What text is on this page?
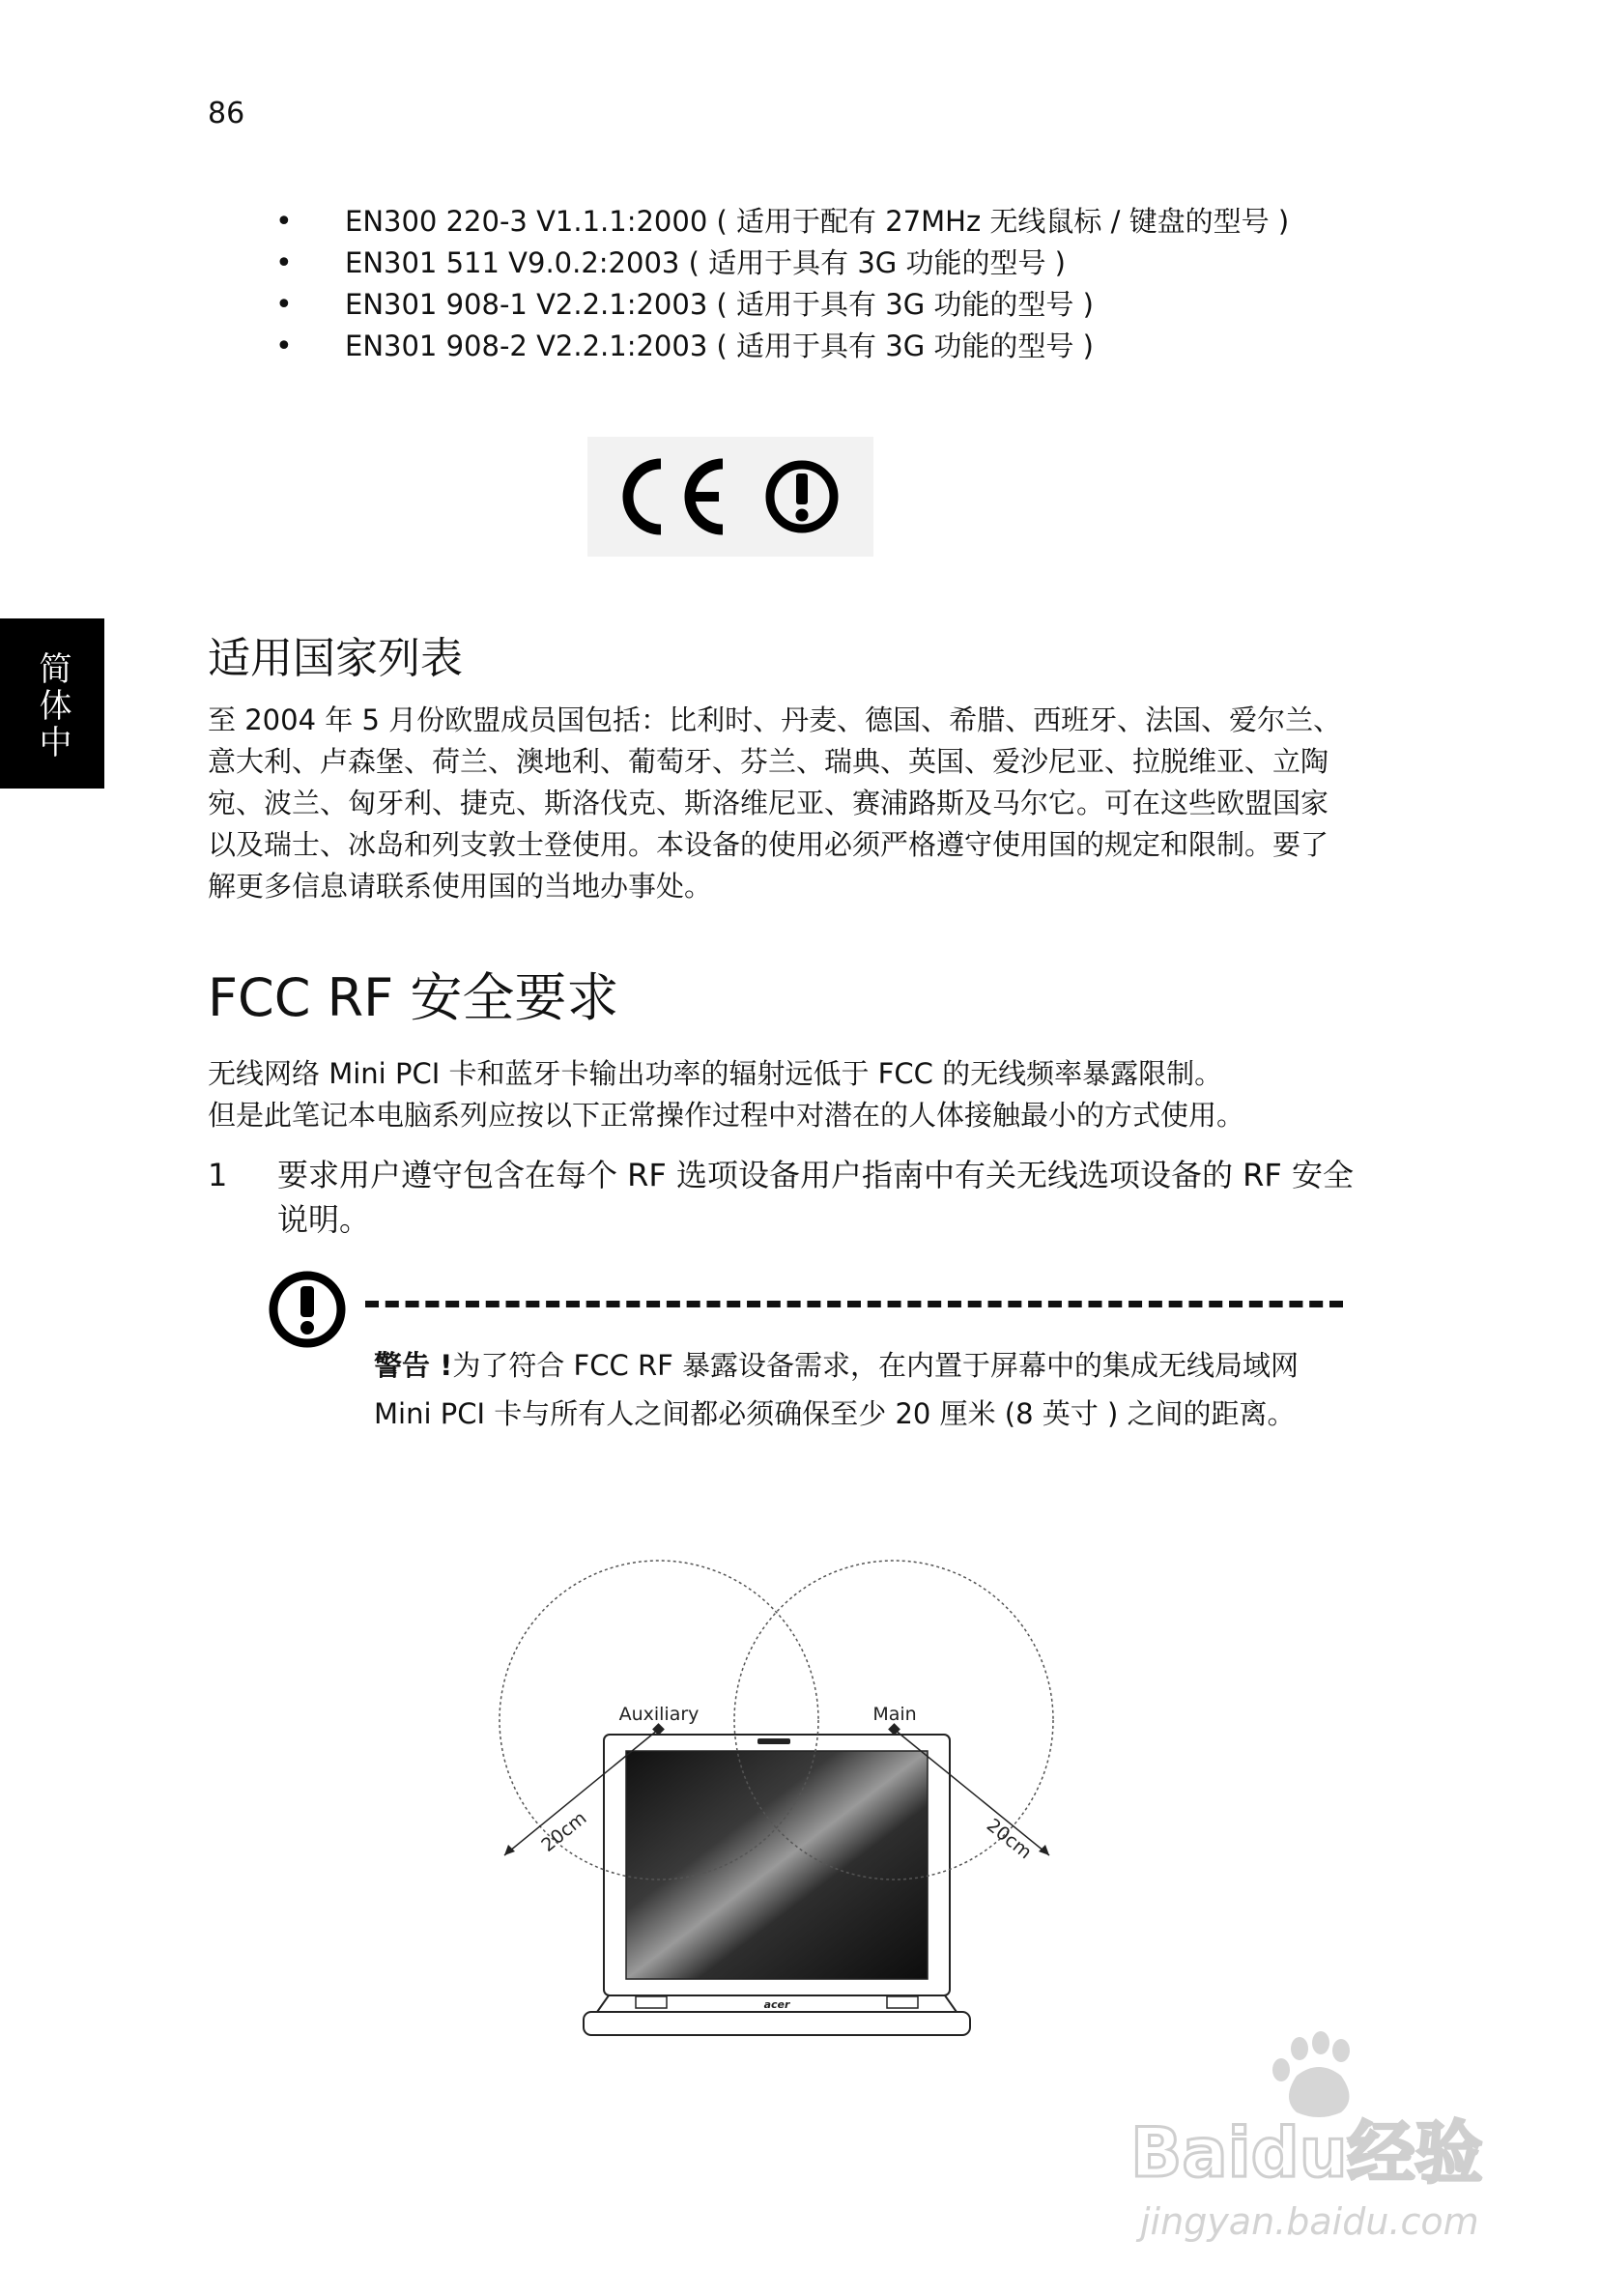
86
• EN300 220-3 V1.1.1:2000 ( 适用于配有 27MHz 无线鼠标 / 键盘的型号 )
• EN301 511 V9.0.2:2003 ( 适用于具有 3G 功能的型号 )
• EN301 908-1 V2.2.1:2003 ( 适用于具有 3G 功能的型号 )
• EN301 908-2 V2.2.1:2003 ( 适用于具有 3G 功能的型号 )
简体中
适用国家列表

至 2004 年 5 月份欧盟成员国包括：比利时、丹麦、德国、希腊、西班牙、法国、爱尔兰、意大利、卢森堡、荷兰、澳地利、葡萄牙、芬兰、瑞典、英国、爱沙尼亚、拉脱维亚、立陶宛、波兰、匈牙利、捷克、斯洛伐克、斯洛维尼亚、赛浦路斯及马尔它。可在这些欧盟国家以及瑞士、冰岛和列支敦士登使用。本设备的使用必须严格遵守使用国的规定和限制。要了解更多信息请联系使用国的当地办事处。

FCC RF 安全要求
无线网络 Mini PCI 卡和蓝牙卡输出功率的辐射远低于 FCC 的无线频率暴露限制。
但是此笔记本电脑系列应按以下正常操作过程中对潜在的人体接触最小的方式使用。
1 要求用户遵守包含在每个 RF 选项设备用户指南中有关无线选项设备的 RF 安全说明。

警告 !为了符合 FCC RF 暴露设备需求，在内置于屏幕中的集成无线局域网 Mini PCI 卡与所有人之间都必须确保至少 20 厘米 (8 英寸 ) 之间的距离。

acer
Auxiliary	Main
20cm	20cm
Baidu经验
jingyan.baidu.com
